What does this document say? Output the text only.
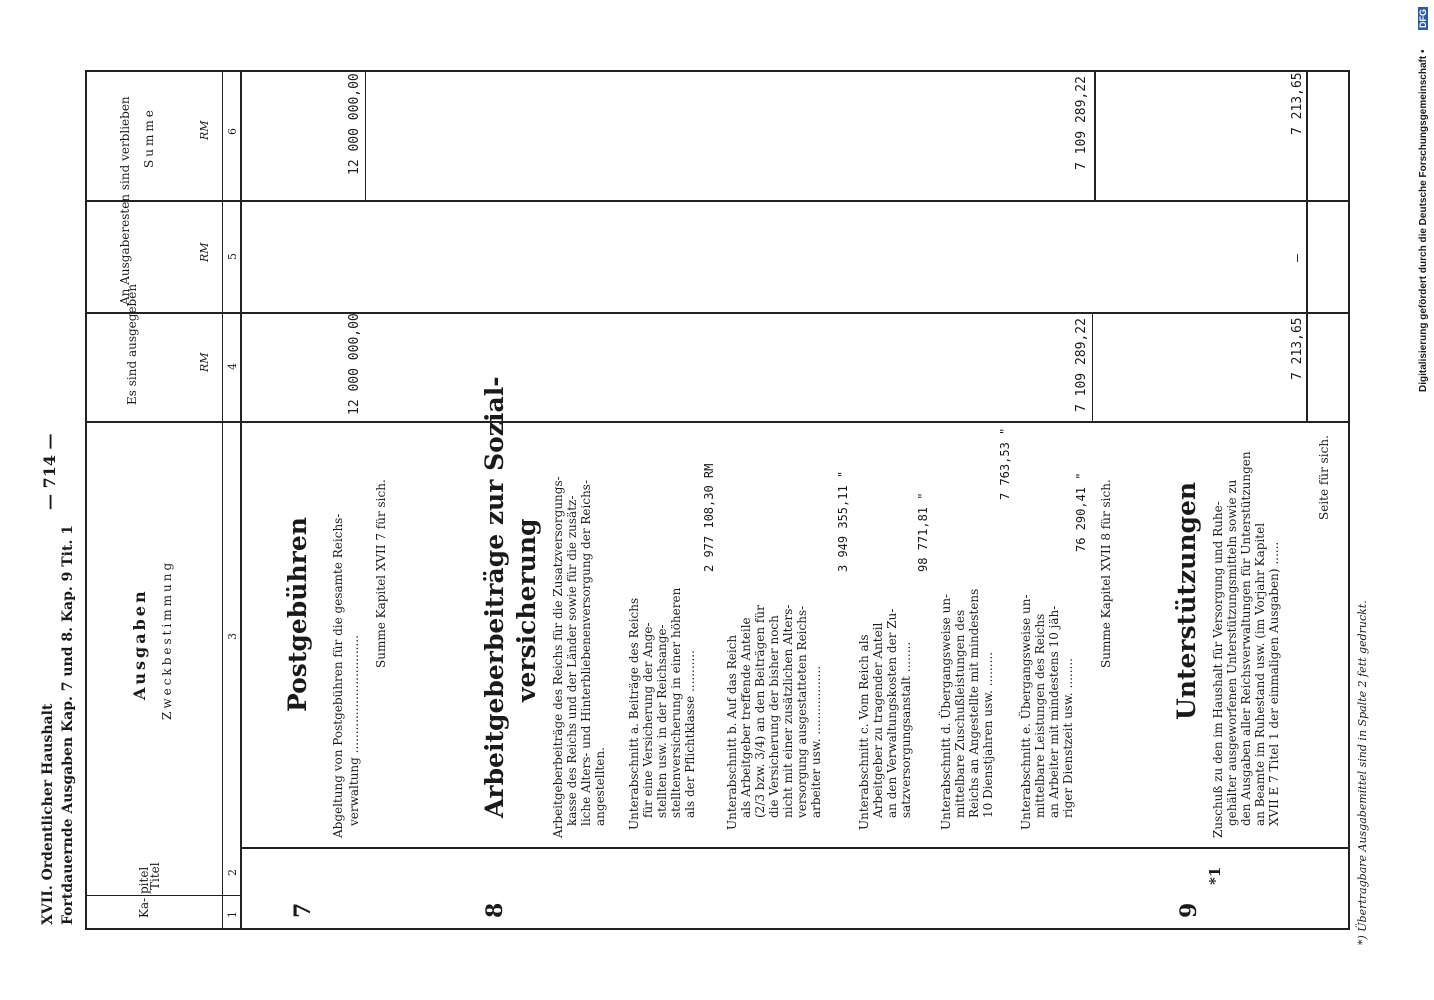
XVII. Ordentlicher Haushalt Fortdauernde Ausgaben Kap. 7 und 8. Kap. 9 Tit. 1
— 714 —
Ka- pitel
Titel
Ausgaben Zweckbestimmung
Es sind ausgegeben
An Ausgaberesten sind verblieben Summe
RM
RM
RM
1
2
3
4
5
6
7
Postgebühren Abgeltung von Postgebühren für die gesamte Reichs- verwaltung ...............................
12 000 000,00
Summe Kapitel XVII 7 für sich.
12 000 000,00
8
Arbeitgeberbeiträge zur Sozial- versicherung Arbeitgeberbeiträge des Reichs für die Zusatzversorgungs- kasse des Reichs und der Länder sowie für die zusätz- liche Alters- und Hinterbliebenenversorgung der Reichs- angestellten. Unterabschnitt a. Beiträge des Reichs für eine Versicherung der Ange- stellten usw. in der Reichsange- stelltenversicherung in einer höheren als der Pflichtklasse ...........
2 977 108,30 RM
Unterabschnitt b. Auf das Reich als Arbeitgeber treffende Anteile (2/3 bzw. 3/4) an den Beiträgen für die Versicherung der bisher noch nicht mit einer zusätzlichen Alters- versorgung ausgestatteten Reichs- arbeiter usw. ..................
3 949 355,11 "
Unterabschnitt c. Vom Reich als Arbeitgeber zu tragender Anteil an den Verwaltungskosten der Zu- satzversorgungsanstalt ........
98 771,81 "
Unterabschnitt d. Übergangsweise un- mittelbare Zuschußleistungen des Reichs an Angestellte mit mindestens 10 Dienstjahren usw. .........
7 763,53 "
Unterabschnitt e. Übergangsweise un- mittelbare Leistungen des Reichs an Arbeiter mit mindestens 10 jäh- riger Dienstzeit usw. ........
76 290,41 "
7 109 289,22
Summe Kapitel XVII 8 für sich.
7 109 289,22
9
Unterstützungen
*1
Zuschuß zu den im Haushalt für Versorgung und Ruhe- gehälter ausgeworfenen Unterstützungsmitteln sowie zu den Ausgaben aller Reichsverwaltungen für Unterstützungen an Beamte im Ruhestand usw. (im Vorjahr Kapitel XVII E 7 Titel 1 der einmaligen Ausgaben) ......
7 213,65
—
Seite für sich.
7 213,65
*) Übertragbare Ausgabemittel sind in Spalte 2 fett gedruckt.
Digitalisierung gefördert durch die Deutsche Forschungsgemeinschaft •
DFG
